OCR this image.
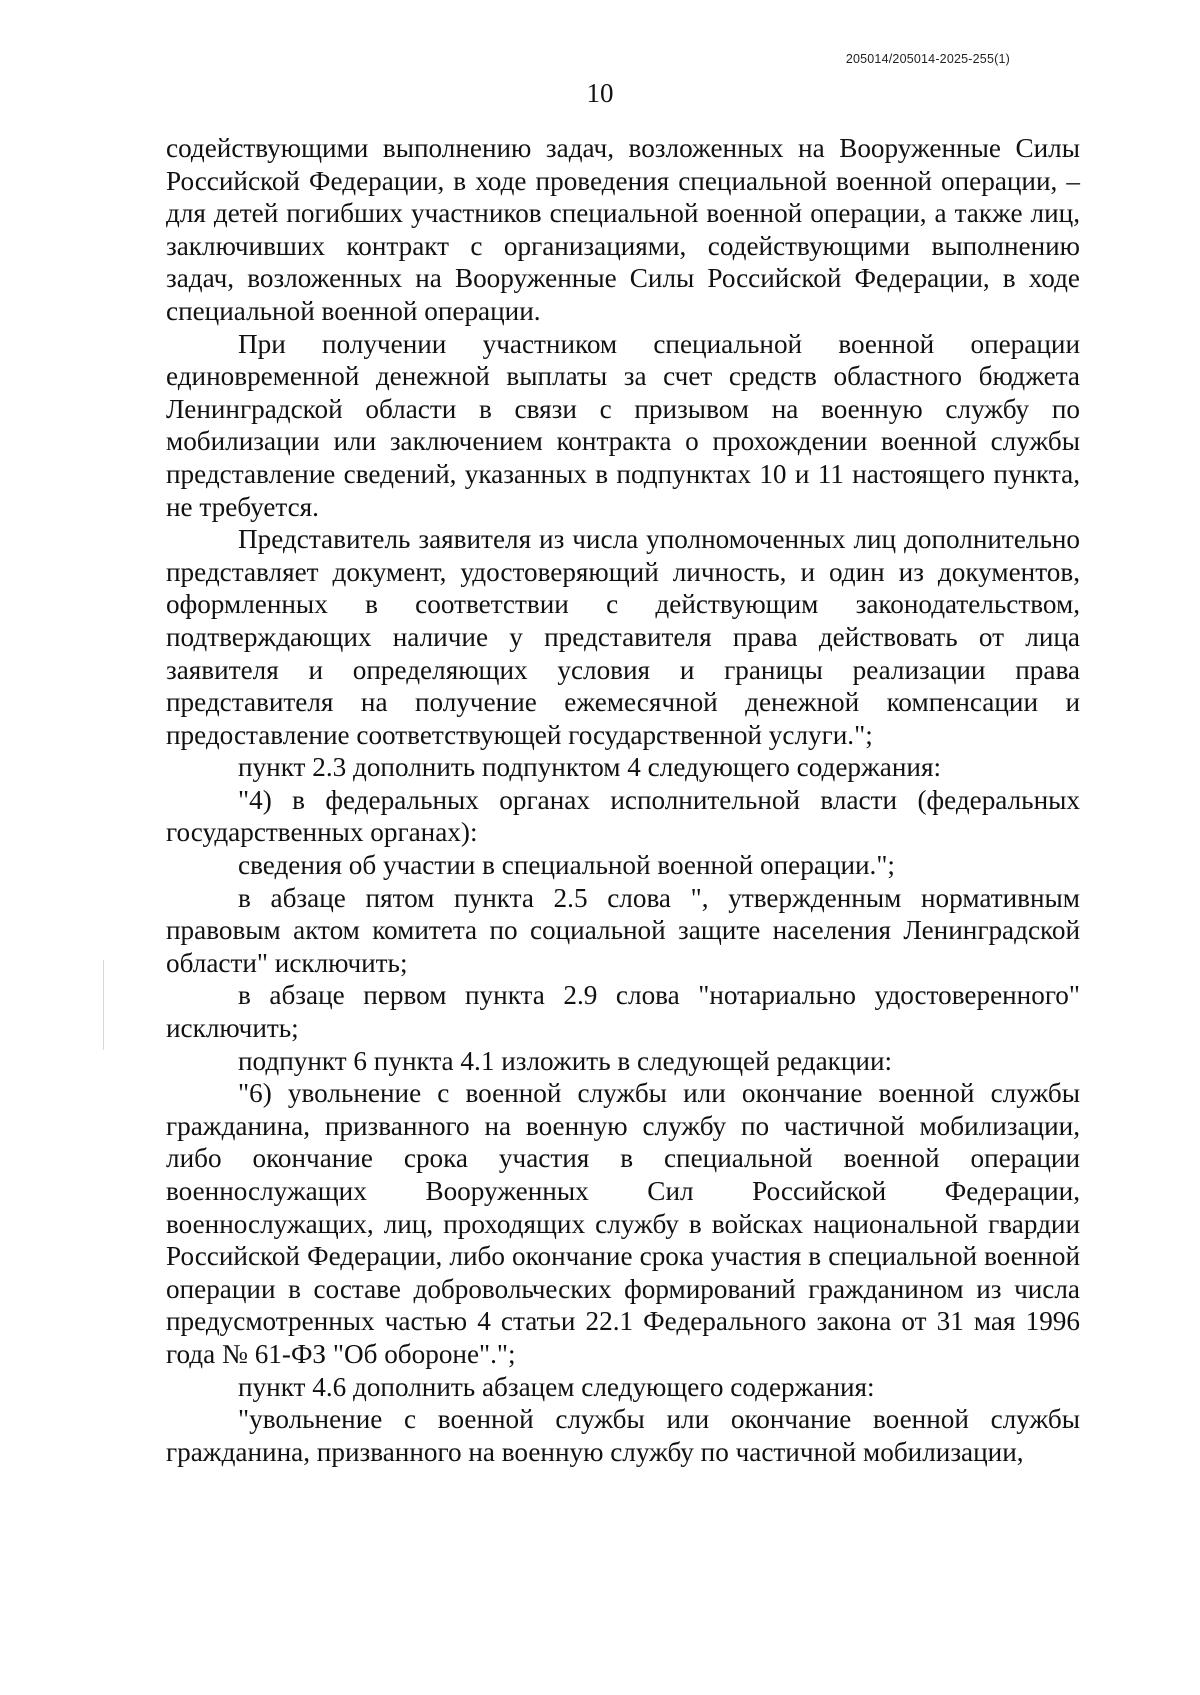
205014/205014-2025-255(1)
10

содействующими выполнению задач, возложенных на Вооруженные Силы Российской Федерации, в ходе проведения специальной военной операции, – для детей погибших участников специальной военной операции, а также лиц, заключивших контракт с организациями, содействующими выполнению задач, возложенных на Вооруженные Силы Российской Федерации, в ходе специальной военной операции.

При получении участником специальной военной операции единовременной денежной выплаты за счет средств областного бюджета Ленинградской области в связи с призывом на военную службу по мобилизации или заключением контракта о прохождении военной службы представление сведений, указанных в подпунктах 10 и 11 настоящего пункта, не требуется.

Представитель заявителя из числа уполномоченных лиц дополнительно представляет документ, удостоверяющий личность, и один из документов, оформленных в соответствии с действующим законодательством, подтверждающих наличие у представителя права действовать от лица заявителя и определяющих условия и границы реализации права представителя на получение ежемесячной денежной компенсации и предоставление соответствующей государственной услуги.";

пункт 2.3 дополнить подпунктом 4 следующего содержания:

"4) в федеральных органах исполнительной власти (федеральных государственных органах):

сведения об участии в специальной военной операции.";

в абзаце пятом пункта 2.5 слова ", утвержденным нормативным правовым актом комитета по социальной защите населения Ленинградской области" исключить;

в абзаце первом пункта 2.9 слова "нотариально удостоверенного" исключить;

подпункт 6 пункта 4.1 изложить в следующей редакции:

"6) увольнение с военной службы или окончание военной службы гражданина, призванного на военную службу по частичной мобилизации, либо окончание срока участия в специальной военной операции военнослужащих Вооруженных Сил Российской Федерации, военнослужащих, лиц, проходящих службу в войсках национальной гвардии Российской Федерации, либо окончание срока участия в специальной военной операции в составе добровольческих формирований гражданином из числа предусмотренных частью 4 статьи 22.1 Федерального закона от 31 мая 1996 года № 61-ФЗ "Об обороне".";

пункт 4.6 дополнить абзацем следующего содержания:

"увольнение с военной службы или окончание военной службы гражданина, призванного на военную службу по частичной мобилизации,
